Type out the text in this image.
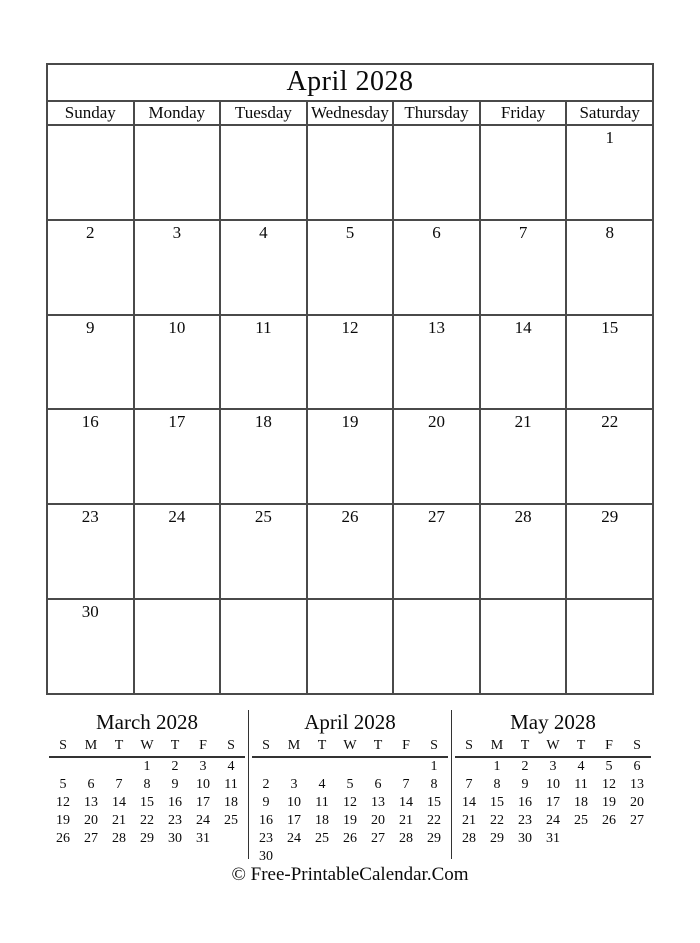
April 2028						
Sunday	Monday	Tuesday	Wednesday	Thursday	Friday	Saturday
						1
2	3	4	5	6	7	8
9	10	11	12	13	14	15
16	17	18	19	20	21	22
23	24	25	26	27	28	29
30						
March 2028
S	M	T	W	T	F	S
			1	2	3	4
5	6	7	8	9	10	11
12	13	14	15	16	17	18
19	20	21	22	23	24	25
26	27	28	29	30	31	
April 2028
S	M	T	W	T	F	S
						1
2	3	4	5	6	7	8
9	10	11	12	13	14	15
16	17	18	19	20	21	22
23	24	25	26	27	28	29
30						
May 2028
S	M	T	W	T	F	S
	1	2	3	4	5	6
7	8	9	10	11	12	13
14	15	16	17	18	19	20
21	22	23	24	25	26	27
28	29	30	31			
© Free-PrintableCalendar.Com
